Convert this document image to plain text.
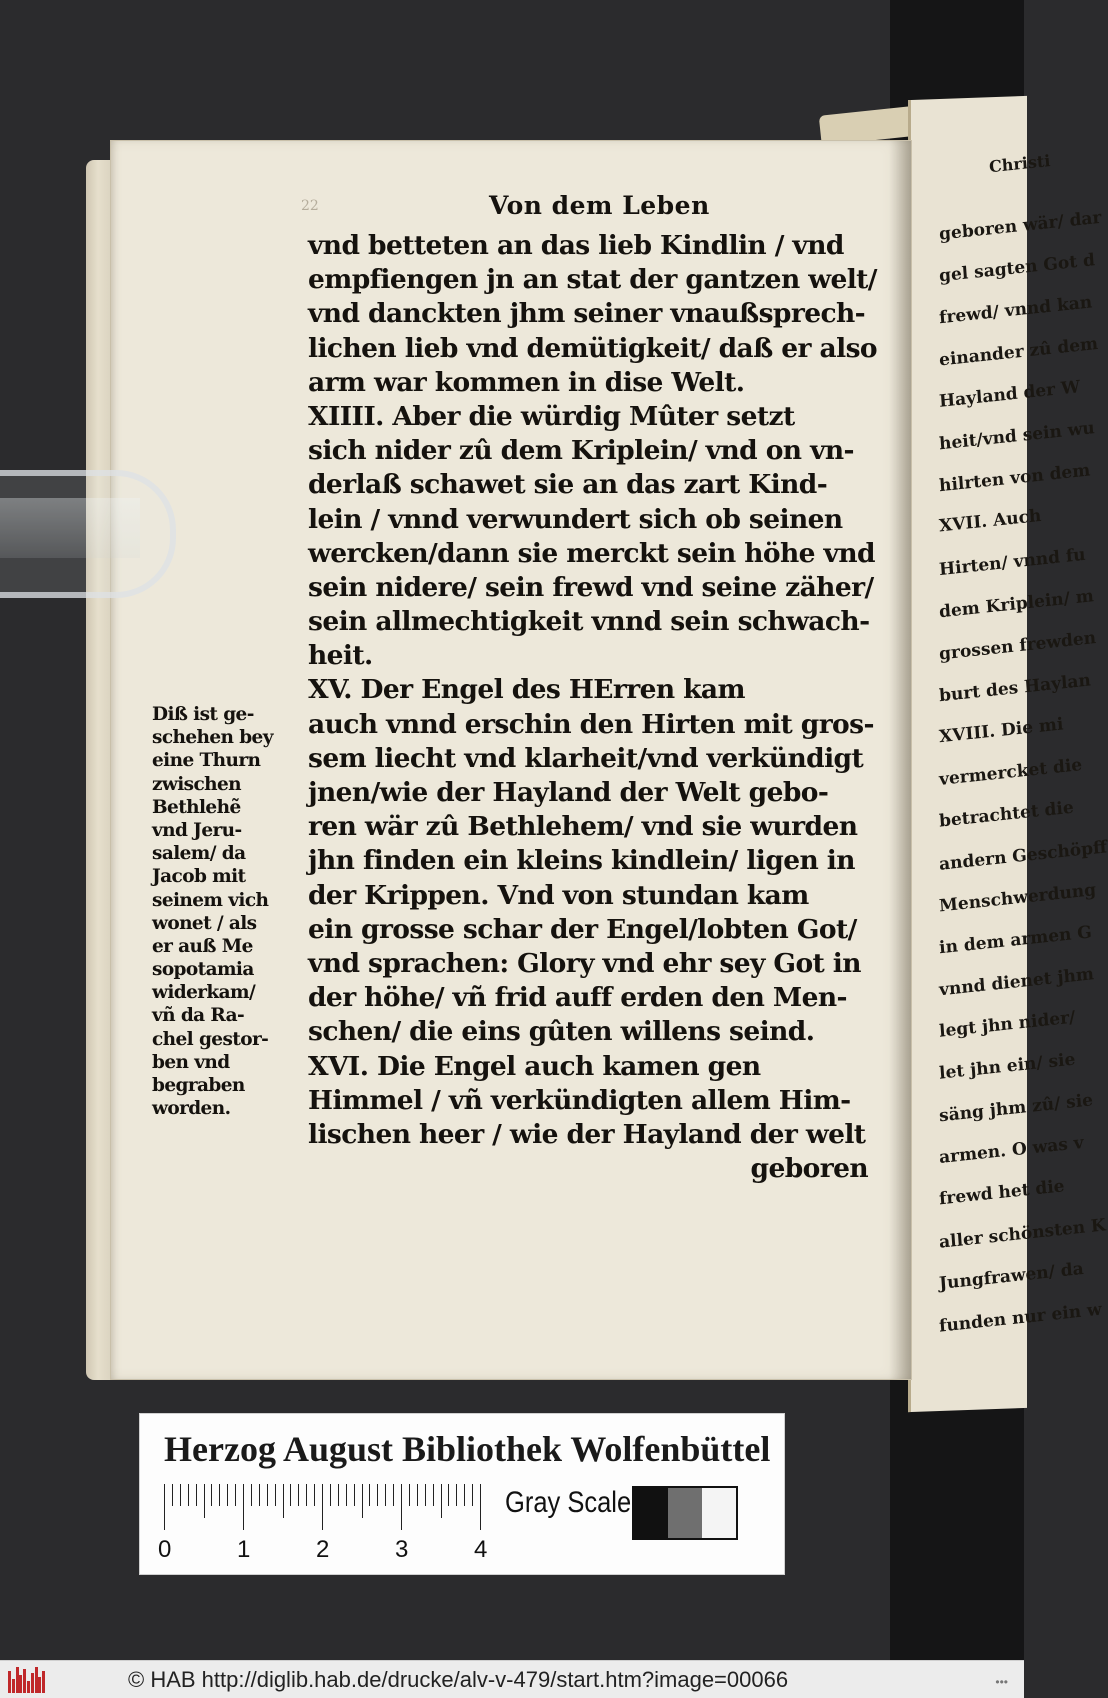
Christi
geboren wär/ dar
gel sagten Got d
frewd/ vnnd kan
einander zû dem
Hayland der W
heit/vnd sein wu
hilrten von dem
XVII. Auch
Hirten/ vnnd fu
dem Kriplein/ m
grossen frewden
burt des Haylan
XVIII. Die mi
vermercket die
betrachtet die
andern Geschöpff
Menschwerdung
in dem armen G
vnnd dienet jhm
legt jhn nider/
let jhn ein/ sie
säng jhm zû/ sie
armen. O was v
frewd het die
aller schönsten K
Jungfrawen/ da
funden nur ein w
22	Von dem Leben
vnd betteten an das lieb Kindlin / vnd
empfiengen jn an stat der gantzen welt/
vnd danckten jhm seiner vnaußsprech-
lichen lieb vnd demütigkeit/ daß er also
arm war kommen in dise Welt.
XIIII. Aber die würdig Mûter setzt
sich nider zû dem Kriplein/ vnd on vn-
derlaß schawet sie an das zart Kind-
lein / vnnd verwundert sich ob seinen
wercken/dann sie merckt sein höhe vnd
sein nidere/ sein frewd vnd seine zäher/
sein allmechtigkeit vnnd sein schwach-
heit.
XV. Der Engel des HErren kam
auch vnnd erschin den Hirten mit gros-
sem liecht vnd klarheit/vnd verkündigt
jnen/wie der Hayland der Welt gebo-
ren wär zû Bethlehem/ vnd sie wurden
jhn finden ein kleins kindlein/ ligen in
der Krippen. Vnd von stundan kam
ein grosse schar der Engel/lobten Got/
vnd sprachen: Glory vnd ehr sey Got in
der höhe/ vñ frid auff erden den Men-
schen/ die eins gûten willens seind.
XVI. Die Engel auch kamen gen
Himmel / vñ verkündigten allem Him-
lischen heer / wie der Hayland der welt
geboren
Diß ist ge-
schehen bey
eine Thurn
zwischen
Bethlehẽ
vnd Jeru-
salem/ da
Jacob mit
seinem vich
wonet / als
er auß Me
sopotamia
widerkam/
vñ da Ra-
chel gestor-
ben vnd
begraben
worden.
Herzog August Bibliothek Wolfenbüttel
Gray Scale
0	1	2	3	4
© HAB http://diglib.hab.de/drucke/alv-v-479/start.htm?image=00066	•••
